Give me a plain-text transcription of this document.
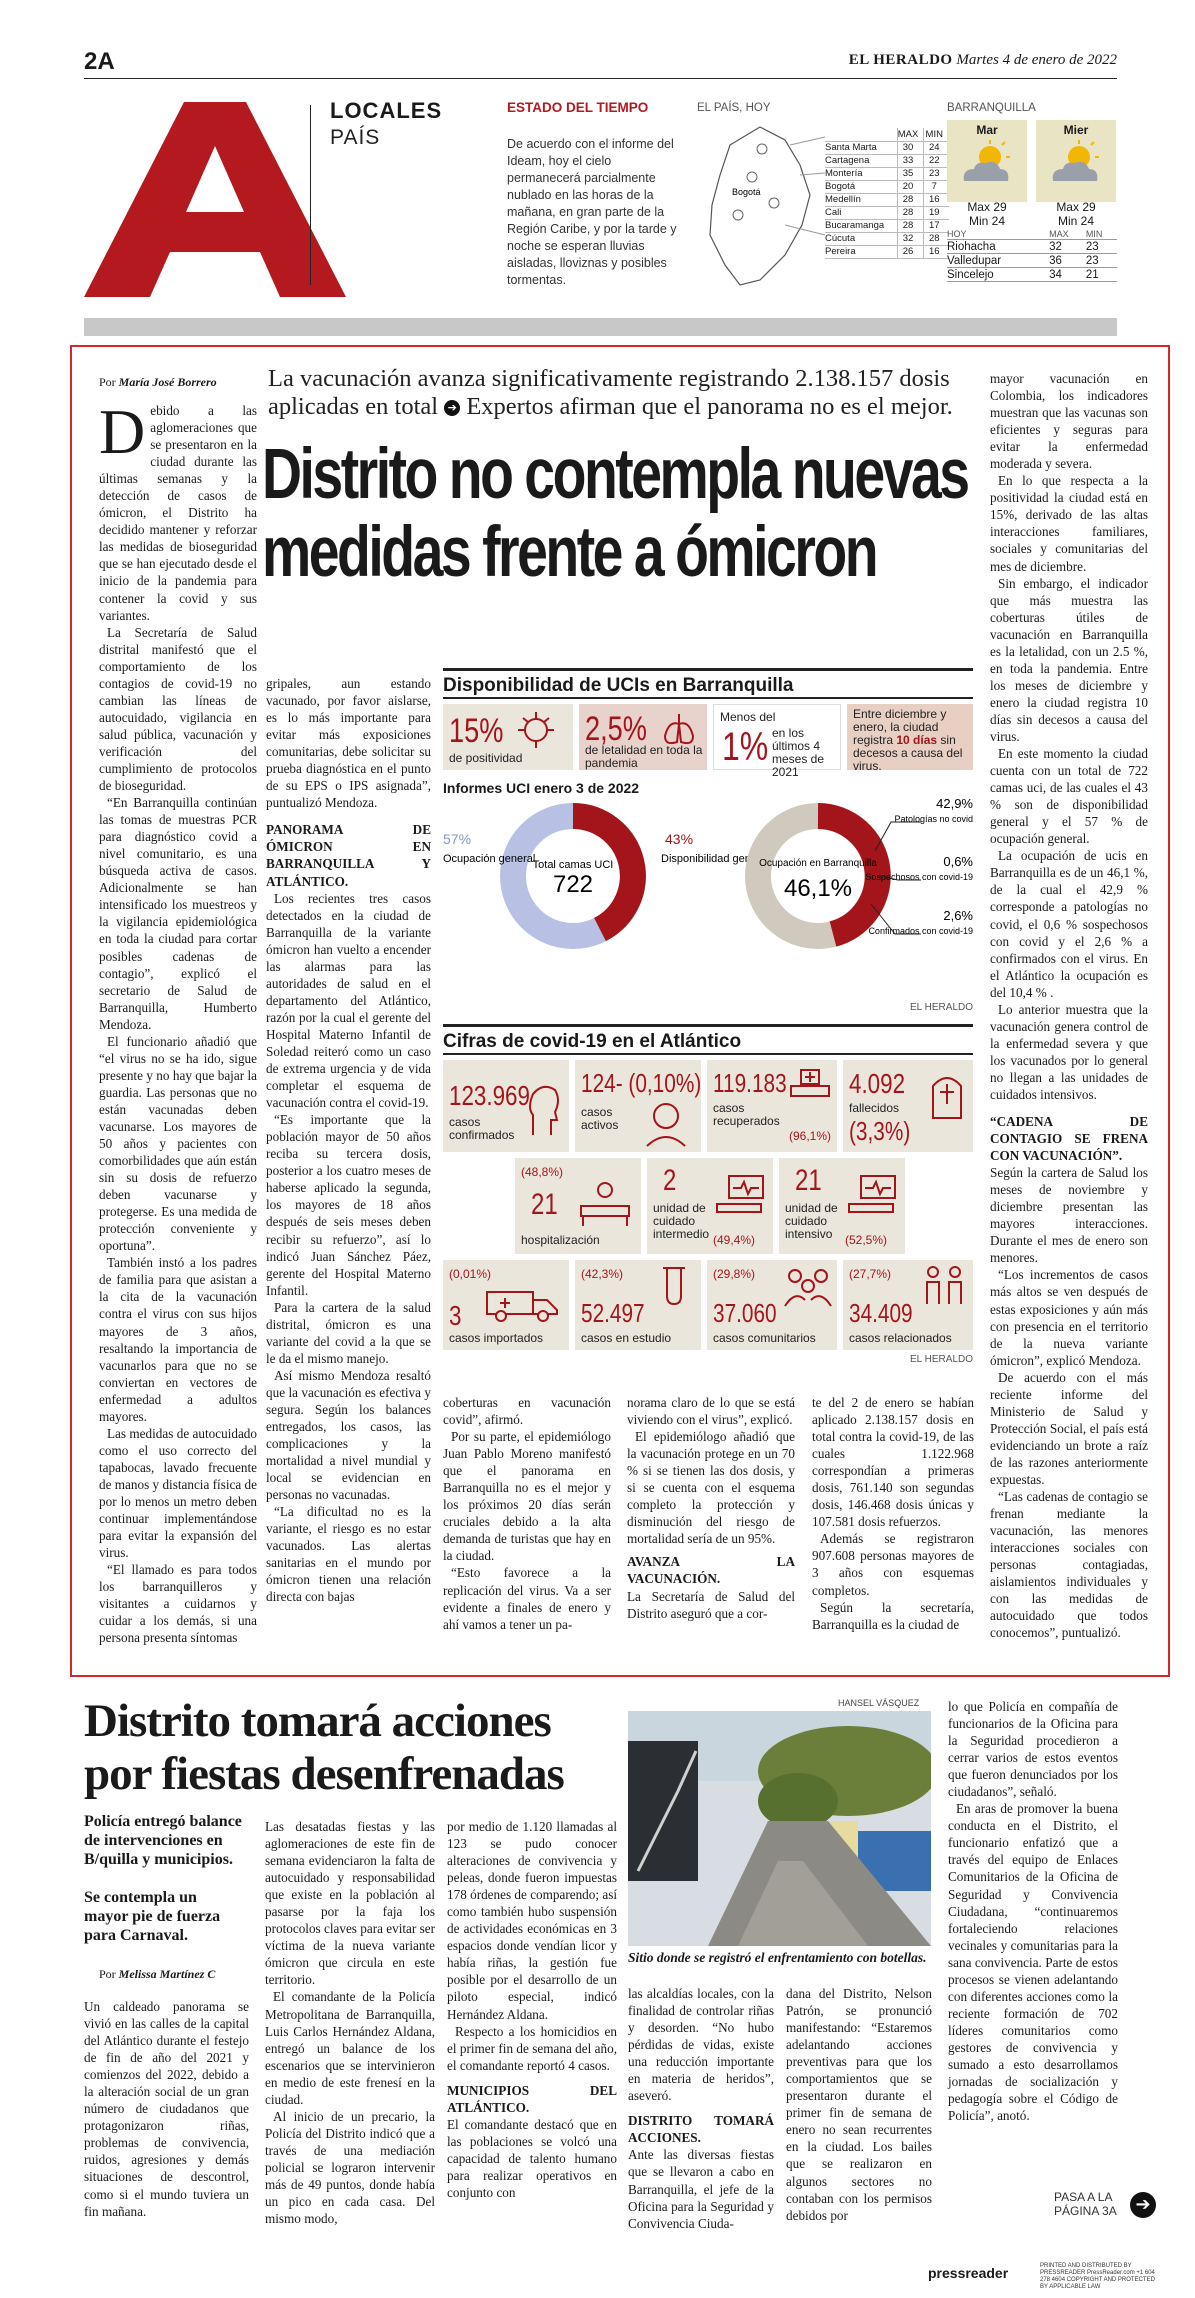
2A	EL HERALDO Martes 4 de enero de 2022
LOCALES
PAÍS
ESTADO DEL TIEMPO
De acuerdo con el informe del Ideam, hoy el cielo permanecerá parcialmente nublado en las horas de la mañana, en gran parte de la Región Caribe, y por la tarde y noche se esperan lluvias aisladas, lloviznas y posibles tormentas.
EL PAÍS, HOY
Bogotá
	MAX	MIN
Santa Marta	30	24
Cartagena	33	22
Montería	35	23
Bogotá	20	7
Medellín	28	16
Cali	28	19
Bucaramanga	28	17
Cúcuta	32	28
Pereira	26	16
BARRANQUILLA
Mar
Max 29
Min 24
Mier
Max 29
Min 24
HOY	MAX	MIN
Riohacha	32	23
Valledupar	36	23
Sincelejo	34	21
Por María José Borrero La vacunación avanza significativamente registrando 2.138.157 dosis aplicadas en total ➔ Expertos afirman que el panorama no es el mejor.
Distrito no contempla nuevas
medidas frente a ómicron

Debido a las aglomeraciones que se presentaron en la ciudad durante las últimas semanas y la detección de casos de ómicron, el Distrito ha decidido mantener y reforzar las medidas de bioseguridad que se han ejecutado desde el inicio de la pandemia para contener la covid y sus variantes.

La Secretaría de Salud distrital manifestó que el comportamiento de los contagios de covid-19 no cambian las líneas de autocuidado, vigilancia en salud pública, vacunación y verificación del cumplimiento de protocolos de bioseguridad.

“En Barranquilla continúan las tomas de muestras PCR para diagnóstico covid a nivel comunitario, es una búsqueda activa de casos. Adicionalmente se han intensificado los muestreos y la vigilancia epidemiológica en toda la ciudad para cortar posibles cadenas de contagio”, explicó el secretario de Salud de Barranquilla, Humberto Mendoza.

El funcionario añadió que “el virus no se ha ido, sigue presente y no hay que bajar la guardia. Las personas que no están vacunadas deben vacunarse. Los mayores de 50 años y pacientes con comorbilidades que aún están sin su dosis de refuerzo deben vacunarse y protegerse. Es una medida de protección conveniente y oportuna”.

También instó a los padres de familia para que asistan a la cita de la vacunación contra el virus con sus hijos mayores de 3 años, resaltando la importancia de vacunarlos para que no se conviertan en vectores de enfermedad a adultos mayores.

Las medidas de autocuidado como el uso correcto del tapabocas, lavado frecuente de manos y distancia física de por lo menos un metro deben continuar implementándose para evitar la expansión del virus.

“El llamado es para todos los barranquilleros y visitantes a cuidarnos y cuidar a los demás, si una persona presenta síntomas

gripales, aun estando vacunado, por favor aislarse, es lo más importante para evitar más exposiciones comunitarias, debe solicitar su prueba diagnóstica en el punto de su EPS o IPS asignada”, puntualizó Mendoza.

PANORAMA DE ÓMICRON EN BARRANQUILLA Y ATLÁNTICO.

Los recientes tres casos detectados en la ciudad de Barranquilla de la variante ómicron han vuelto a encender las alarmas para las autoridades de salud en el departamento del Atlántico, razón por la cual el gerente del Hospital Materno Infantil de Soledad reiteró como un caso de extrema urgencia y de vida completar el esquema de vacunación contra el covid-19.

“Es importante que la población mayor de 50 años reciba su tercera dosis, posterior a los cuatro meses de haberse aplicado la segunda, los mayores de 18 años después de seis meses deben recibir su refuerzo”, así lo indicó Juan Sánchez Páez, gerente del Hospital Materno Infantil.

Para la cartera de la salud distrital, ómicron es una variante del covid a la que se le da el mismo manejo.

Así mismo Mendoza resaltó que la vacunación es efectiva y segura. Según los balances entregados, los casos, las complicaciones y la mortalidad a nivel mundial y local se evidencian en personas no vacunadas.

“La dificultad no es la variante, el riesgo es no estar vacunados. Las alertas sanitarias en el mundo por ómicron tienen una relación directa con bajas

coberturas en vacunación covid”, afirmó.

Por su parte, el epidemiólogo Juan Pablo Moreno manifestó que el panorama en Barranquilla no es el mejor y los próximos 20 días serán cruciales debido a la alta demanda de turistas que hay en la ciudad.

“Esto favorece a la replicación del virus. Va a ser evidente a finales de enero y ahí vamos a tener un pa-

norama claro de lo que se está viviendo con el virus”, explicó.

El epidemiólogo añadió que la vacunación protege en un 70 % si se tienen las dos dosis, y si se cuenta con el esquema completo la protección y disminución del riesgo de mortalidad sería de un 95%.

AVANZA LA VACUNACIÓN.

La Secretaría de Salud del Distrito aseguró que a cor-

te del 2 de enero se habían aplicado 2.138.157 dosis en total contra la covid-19, de las cuales 1.122.968 correspondían a primeras dosis, 761.140 son segundas dosis, 146.468 dosis únicas y 107.581 dosis refuerzos.

Además se registraron 907.608 personas mayores de 3 años con esquemas completos.

Según la secretaría, Barranquilla es la ciudad de

mayor vacunación en Colombia, los indicadores muestran que las vacunas son eficientes y seguras para evitar la enfermedad moderada y severa.

En lo que respecta a la positividad la ciudad está en 15%, derivado de las altas interacciones familiares, sociales y comunitarias del mes de diciembre.

Sin embargo, el indicador que más muestra las coberturas útiles de vacunación en Barranquilla es la letalidad, con un 2.5 %, en toda la pandemia. Entre los meses de diciembre y enero la ciudad registra 10 días sin decesos a causa del virus.

En este momento la ciudad cuenta con un total de 722 camas uci, de las cuales el 43 % son de disponibilidad general y el 57 % de ocupación general.

La ocupación de ucis en Barranquilla es de un 46,1 %, de la cual el 42,9 % corresponde a patologías no covid, el 0,6 % sospechosos con covid y el 2,6 % a confirmados con el virus. En el Atlántico la ocupación es del 10,4 % .

Lo anterior muestra que la vacunación genera control de la enfermedad severa y que los vacunados por lo general no llegan a las unidades de cuidados intensivos.

“CADENA DE CONTAGIO SE FRENA CON VACUNACIÓN”.

Según la cartera de Salud los meses de noviembre y diciembre presentan las mayores interacciones. Durante el mes de enero son menores.

“Los incrementos de casos más altos se ven después de estas exposiciones y aún más con presencia en el territorio de la nueva variante ómicron”, explicó Mendoza.

De acuerdo con el más reciente informe del Ministerio de Salud y Protección Social, el país está evidenciando un brote a raíz de las razones anteriormente expuestas.

“Las cadenas de contagio se frenan mediante la vacunación, las menores interacciones sociales con personas contagiadas, aislamientos individuales y con las medidas de autocuidado que todos conocemos”, puntualizó.

Disponibilidad de UCIs en Barranquilla
15%
de positividad
2,5%
de letalidad en toda la pandemia
Menos del
1% en los últimos 4 meses de 2021
Entre diciembre y enero, la ciudad registra 10 días sin decesos a causa del virus.
Informes UCI enero 3 de 2022
Total camas UCI
722
57%
Ocupación general
43%
Disponibilidad general
Ocupación en Barranquilla
46,1%
42,9%
Patologías no covid
0,6%
Sospechosos con covid-19
2,6%
Confirmados con covid-19
EL HERALDO
Cifras de covid-19 en el Atlántico
123.969
casos confirmados
124- (0,10%)
casos activos
119.183
casos recuperados
(96,1%)
4.092
fallecidos
(3,3%)
(48,8%)
21
hospitalización
2
unidad de cuidado intermedio (49,4%)
21
unidad de cuidado intensivo	(52,5%)
(0,01%)
3
casos importados
(42,3%)
52.497
casos en estudio
(29,8%)
37.060
casos comunitarios
(27,7%)
34.409
casos relacionados
EL HERALDO
Distrito tomará acciones
por fiestas desenfrenadas
Policía entregó balance de intervenciones en B/quilla y municipios.
Se contempla un mayor pie de fuerza para Carnaval.
Por Melissa Martínez C

Un caldeado panorama se vivió en las calles de la capital del Atlántico durante el festejo de fin de año del 2021 y comienzos del 2022, debido a la alteración social de un gran número de ciudadanos que protagonizaron riñas, problemas de convivencia, ruidos, agresiones y demás situaciones de descontrol, como si el mundo tuviera un fin mañana.

Las desatadas fiestas y las aglomeraciones de este fin de semana evidenciaron la falta de autocuidado y responsabilidad que existe en la población al pasarse por la faja los protocolos claves para evitar ser víctima de la nueva variante ómicron que circula en este territorio.

El comandante de la Policía Metropolitana de Barranquilla, Luis Carlos Hernández Aldana, entregó un balance de los escenarios que se intervinieron en medio de este frenesí en la ciudad.

Al inicio de un precario, la Policía del Distrito indicó que a través de una mediación policial se lograron intervenir más de 49 puntos, donde había un pico en cada casa. Del mismo modo,

por medio de 1.120 llamadas al 123 se pudo conocer alteraciones de convivencia y peleas, donde fueron impuestas 178 órdenes de comparendo; así como también hubo suspensión de actividades económicas en 3 espacios donde vendían licor y había riñas, la gestión fue posible por el desarrollo de un piloto especial, indicó Hernández Aldana.

Respecto a los homicidios en el primer fin de semana del año, el comandante reportó 4 casos.

MUNICIPIOS DEL ATLÁNTICO.

El comandante destacó que en las poblaciones se volcó una capacidad de talento humano para realizar operativos en conjunto con

HANSEL VÁSQUEZ
Sitio donde se registró el enfrentamiento con botellas.

las alcaldías locales, con la finalidad de controlar riñas y desorden. “No hubo pérdidas de vidas, existe una reducción importante en materia de heridos”, aseveró.

DISTRITO TOMARÁ ACCIONES.

Ante las diversas fiestas que se llevaron a cabo en Barranquilla, el jefe de la Oficina para la Seguridad y Convivencia Ciuda-

dana del Distrito, Nelson Patrón, se pronunció manifestando: “Estaremos adelantando acciones preventivas para que los comportamientos que se presentaron durante el primer fin de semana de enero no sean recurrentes en la ciudad. Los bailes que se realizaron en algunos sectores no contaban con los permisos debidos por

lo que Policía en compañía de funcionarios de la Oficina para la Seguridad procedieron a cerrar varios de estos eventos que fueron denunciados por los ciudadanos”, señaló.

En aras de promover la buena conducta en el Distrito, el funcionario enfatizó que a través del equipo de Enlaces Comunitarios de la Oficina de Seguridad y Convivencia Ciudadana, “continuaremos fortaleciendo relaciones vecinales y comunitarias para la sana convivencia. Parte de estos procesos se vienen adelantando con diferentes acciones como la reciente formación de 702 líderes comunitarios como gestores de convivencia y sumado a esto desarrollamos jornadas de socialización y pedagogía sobre el Código de Policía”, anotó.

PASA A LA
PÁGINA 3A	➔
pressreader	PRINTED AND DISTRIBUTED BY PRESSREADER PressReader.com +1 604 278 4604 COPYRIGHT AND PROTECTED BY APPLICABLE LAW
